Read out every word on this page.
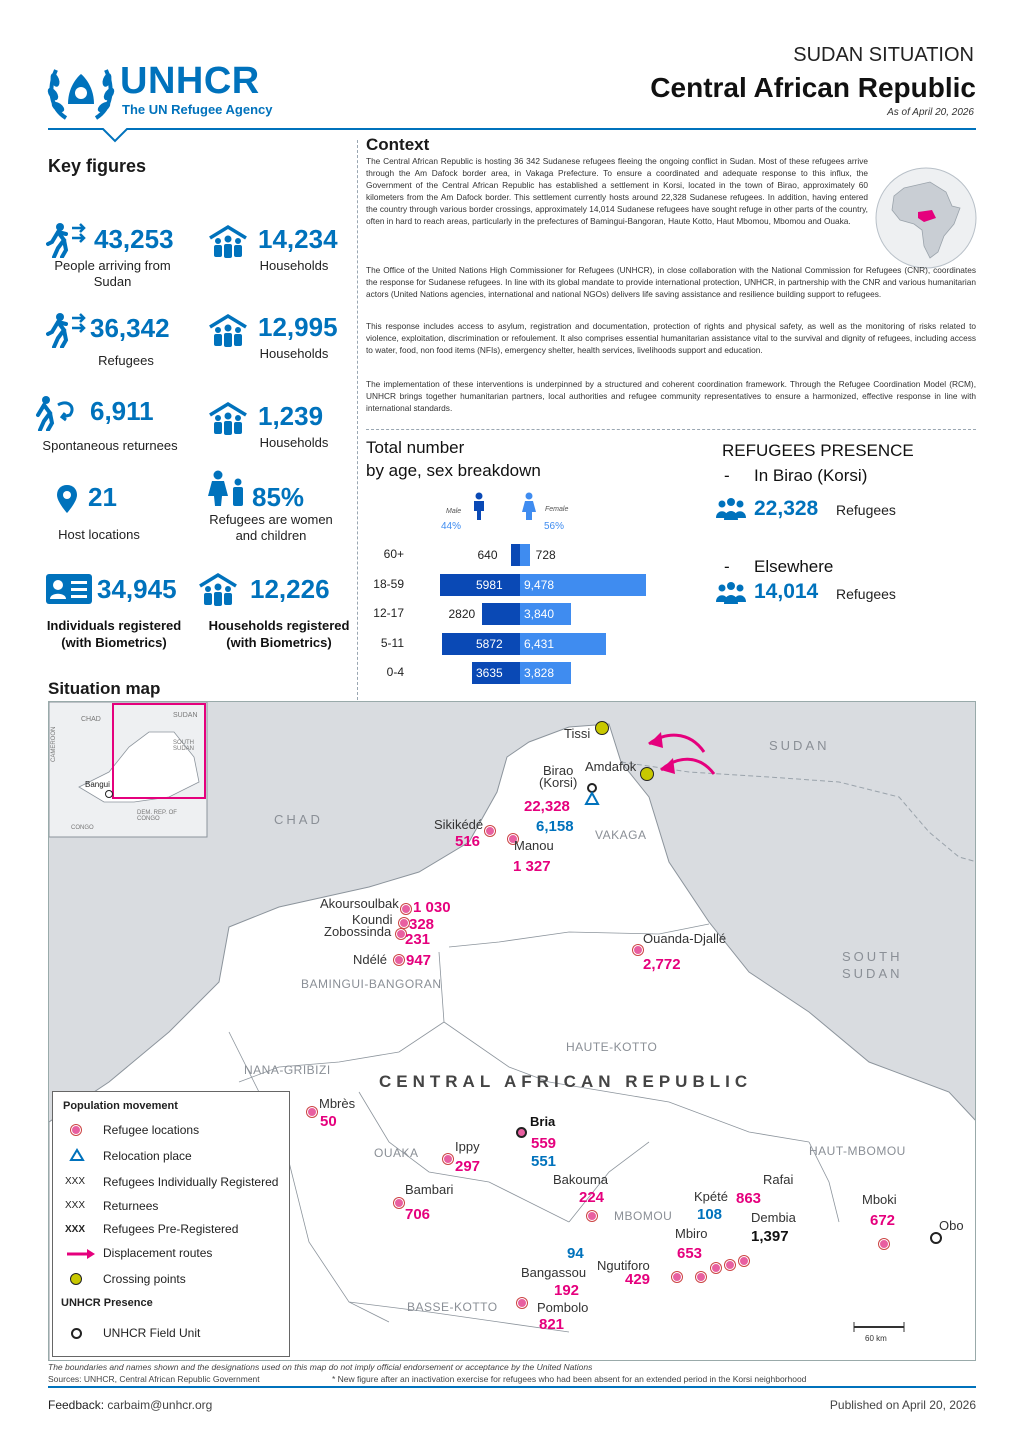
UNHCR
The UN Refugee Agency
SUDAN SITUATION
Central African Republic
As of April 20, 2026
Key figures
43,253
People arriving from Sudan
14,234
Households
36,342
Refugees
12,995
Households
6,911
Spontaneous returnees
1,239
Households
21
Host locations
85%
Refugees are women and children
34,945
Individuals registered (with Biometrics)
12,226
Households registered (with Biometrics)
Context
The Central African Republic is hosting 36 342 Sudanese refugees fleeing the ongoing conflict in Sudan. Most of these refugees arrive through the Am Dafock border area, in Vakaga Prefecture. To ensure a coordinated and adequate response to this influx, the Government of the Central African Republic has established a settlement in Korsi, located in the town of Birao, approximately 60 kilometers from the Am Dafock border. This settlement currently hosts around 22,328 Sudanese refugees. In addition, having entered the country through various border crossings, approximately 14,014 Sudanese refugees have sought refuge in other parts of the country, often in hard to reach areas, particularly in the prefectures of Bamingui-Bangoran, Haute Kotto, Haut Mbomou, Mbomou and Ouaka.
The Office of the United Nations High Commissioner for Refugees (UNHCR), in close collaboration with the National Commission for Refugees (CNR), coordinates the response for Sudanese refugees. In line with its global mandate to provide international protection, UNHCR, in partnership with the CNR and various humanitarian actors (United Nations agencies, international and national NGOs) delivers life saving assistance and resilience building support to refugees.
This response includes access to asylum, registration and documentation, protection of rights and physical safety, as well as the monitoring of risks related to violence, exploitation, discrimination or refoulement. It also comprises essential humanitarian assistance vital to the survival and dignity of refugees, including access to water, food, non food items (NFIs), emergency shelter, health services, livelihoods support and education.
The implementation of these interventions is underpinned by a structured and coherent coordination framework. Through the Refugee Coordination Model (RCM), UNHCR brings together humanitarian partners, local authorities and refugee community representatives to ensure a harmonized, effective response in line with international standards.
Total number
by age, sex breakdown
Male
44%
Female
56%
60+	640	728
18-59	5981 9,478
12-17	2820	3,840
5-11	5872 6,431
0-4	3635 3,828
REFUGEES PRESENCE
- In Birao (Korsi)
22,328 Refugees
- Elsewhere
14,014 Refugees
Situation map
CHAD
SUDAN
SOUTH SUDAN
CAMEROON
Bangui
DEM. REP. OF CONGO
CONGO
SUDAN
CHAD
SOUTH
SUDAN
CENTRAL AFRICAN REPUBLIC
VAKAGA
BAMINGUI-BANGORAN
HAUTE-KOTTO
NANA-GRIBIZI
OUAKA	HAUT-MBOMOU
MBOMOU
BASSE-KOTTO
Tissi
Amdafok
Birao
(Korsi)
22,328
6,158
Sikikédé
516	Manou
1 327
Akoursoulbak 1 030
Koundi 328
Zobossinda 231
Ndélé 947
Ouanda-Djallé
2,772
Mbrès
50	Bria
559
551
Ippy
297
Bambari
706
Bakouma
224
Rafai
863
Kpété
108 Dembia
1,397
Mboki
672	Obo
Mbiro
653
94
Bangassou
192
Ngutiforo
429
Pombolo
821
60 km
Population movement
Refugee locations
Relocation place
XXX Refugees Individually Registered
XXX Returnees
XXX Refugees Pre-Registered
Displacement routes
Crossing points
UNHCR Presence
UNHCR Field Unit
The boundaries and names shown and the designations used on this map do not imply official endorsement or acceptance by the United Nations
Sources: UNHCR, Central African Republic Government	* New figure after an inactivation exercise for refugees who had been absent for an extended period in the Korsi neighborhood
Feedback: carbaim@unhcr.org	Published on April 20, 2026
